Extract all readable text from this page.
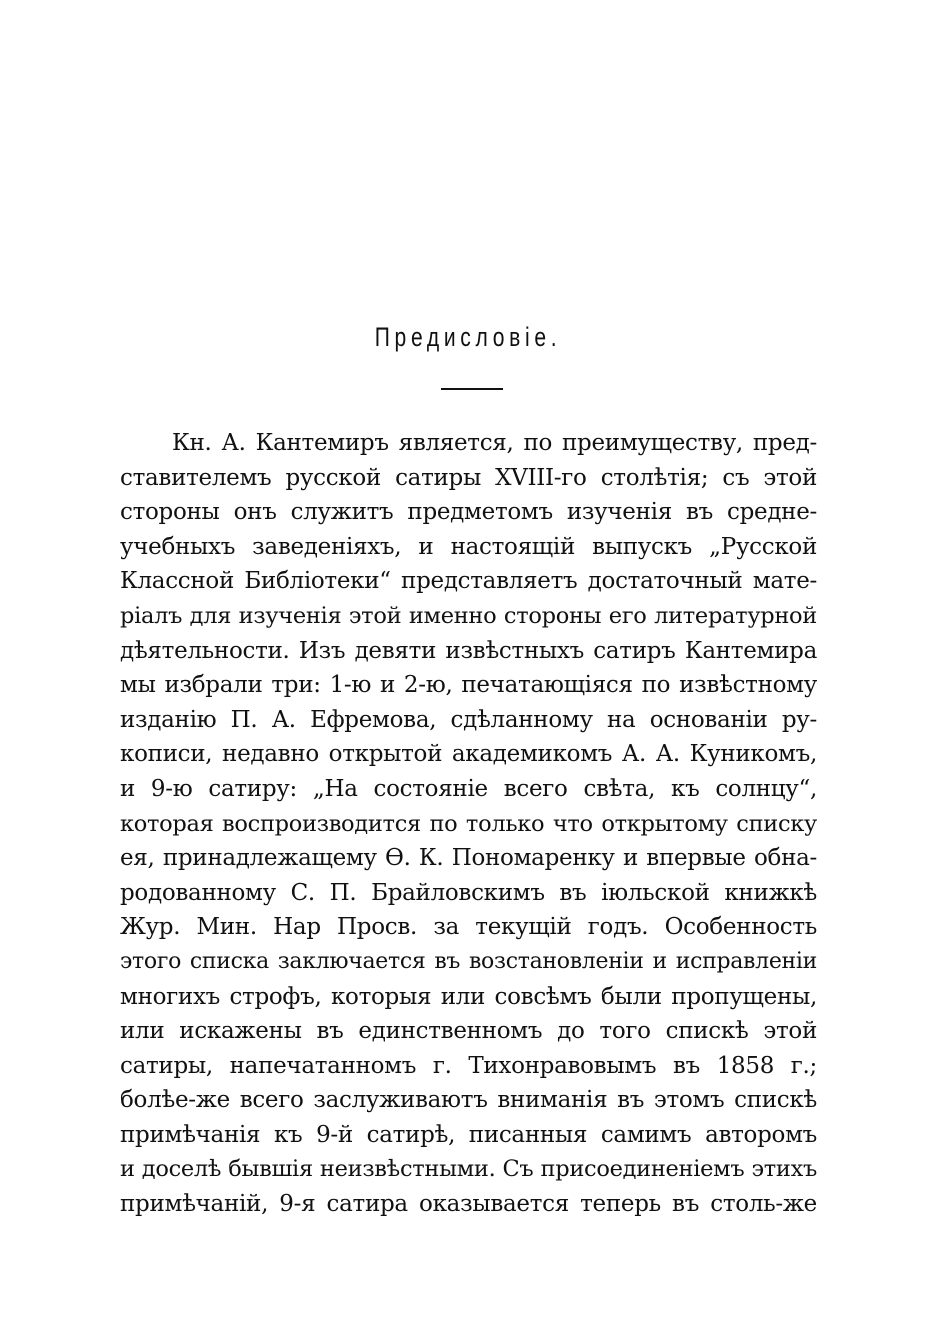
Предисловіе.
Кн. А. Кантемиръ является, по преимуществу, пред-
ставителемъ русской сатиры XVIII-го столѣтія; съ этой
стороны онъ служитъ предметомъ изученія въ средне-
учебныхъ заведеніяхъ, и настоящій выпускъ „Русской
Классной Библіотеки“ представляетъ достаточный мате-
ріалъ для изученія этой именно стороны его литературной
дѣятельности. Изъ девяти извѣстныхъ сатиръ Кантемира
мы избрали три: 1-ю и 2-ю, печатающіяся по извѣстному
изданію П. А. Ефремова, сдѣланному на основаніи ру-
кописи, недавно открытой академикомъ А. А. Куникомъ,
и 9-ю сатиру: „На состояніе всего свѣта, къ солнцу“,
которая воспроизводится по только что открытому списку
ея, принадлежащему Ѳ. К. Пономаренку и впервые обна-
родованному С. П. Брайловскимъ въ іюльской книжкѣ
Жур. Мин. Нар Просв. за текущій годъ. Особенность
этого списка заключается въ возстановленіи и исправленіи
многихъ строфъ, которыя или совсѣмъ были пропущены,
или искажены въ единственномъ до того спискѣ этой
сатиры, напечатанномъ г. Тихонравовымъ въ 1858 г.;
болѣе-же всего заслуживаютъ вниманія въ этомъ спискѣ
примѣчанія къ 9-й сатирѣ, писанныя самимъ авторомъ
и доселѣ бывшія неизвѣстными. Съ присоединеніемъ этихъ
примѣчаній, 9-я сатира оказывается теперь въ столь-же
